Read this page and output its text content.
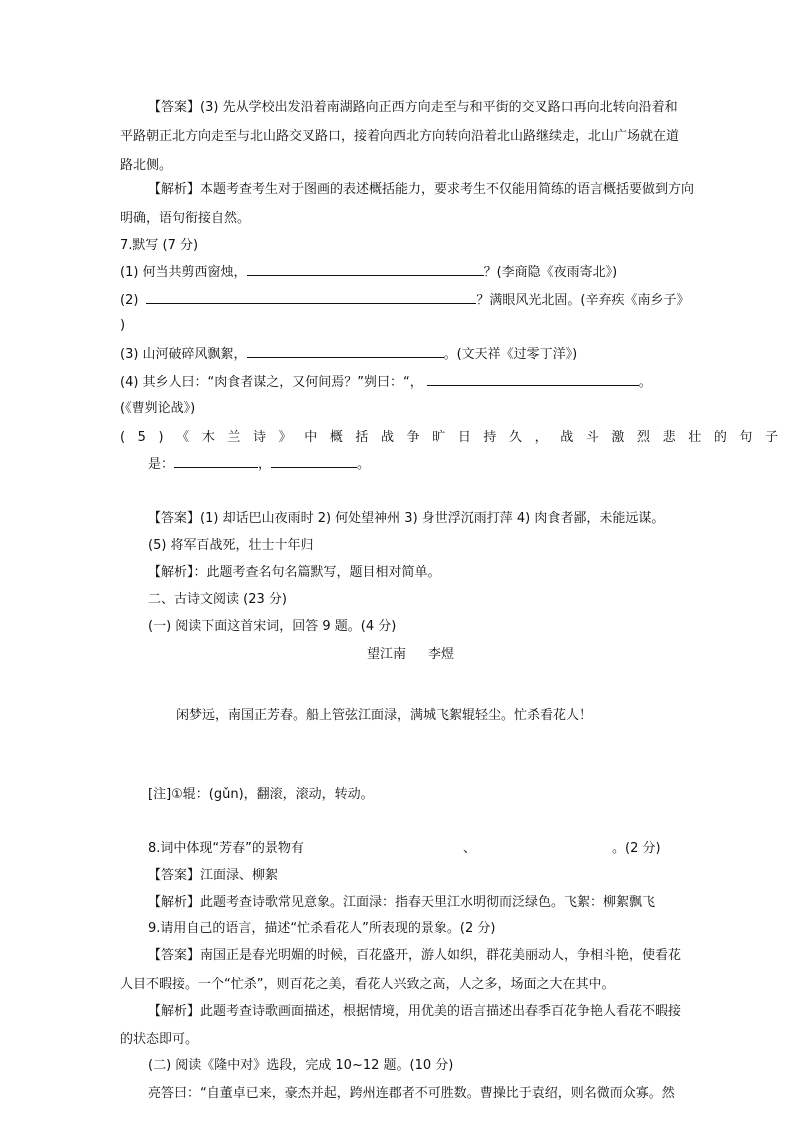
【答案】(3) 先从学校出发沿着南湖路向正西方向走至与和平街的交叉路口再向北转向沿着和
平路朝正北方向走至与北山路交叉路口，接着向西北方向转向沿着北山路继续走，北山广场就在道
路北侧。
【解析】本题考查考生对于图画的表述概括能力，要求考生不仅能用简练的语言概括要做到方向
明确，语句衔接自然。
7.默写 (7 分)
(1) 何当共剪西窗烛，	？(李商隐《夜雨寄北》)
(2)	？满眼风光北固。(辛弃疾《南乡子》
)
(3) 山河破碎风飘絮，	。(文天祥《过零丁洋》)
(4) 其乡人曰：“肉食者谋之，又何间焉？”刿曰：“，	。
(《曹刿论战》)
(5)《木兰诗》中概括战争旷日持久，战斗激烈悲壮的句子
是：	，	。
【答案】(1) 却话巴山夜雨时 2) 何处望神州 3) 身世浮沉雨打萍 4) 肉食者鄙，未能远谋。
(5) 将军百战死，壮士十年归
【解析】：此题考查名句名篇默写，题目相对简单。
二、古诗文阅读 (23 分)
(一) 阅读下面这首宋词，回答 9 题。(4 分)
望江南 李煜
闲梦远，南国正芳春。船上管弦江面渌，满城飞絮辊轻尘。忙杀看花人！
[注]①辊：(gǔn)，翻滚，滚动，转动。
8.词中体现“芳春”的景物有	、	。(2 分)
【答案】江面渌、柳絮
【解析】此题考查诗歌常见意象。江面渌：指春天里江水明彻而泛绿色。飞絮：柳絮飘飞
9.请用自己的语言，描述“忙杀看花人”所表现的景象。(2 分)
【答案】南国正是春光明媚的时候，百花盛开，游人如织，群花美丽动人，争相斗艳，使看花
人目不暇接。一个“忙杀”，则百花之美，看花人兴致之高，人之多，场面之大在其中。
【解析】此题考查诗歌画面描述，根据情境，用优美的语言描述出春季百花争艳人看花不暇接
的状态即可。
(二) 阅读《隆中对》选段，完成 10~12 题。(10 分)
亮答曰：“自董卓已来，豪杰并起，跨州连郡者不可胜数。曹操比于袁绍，则名微而众寡。然
